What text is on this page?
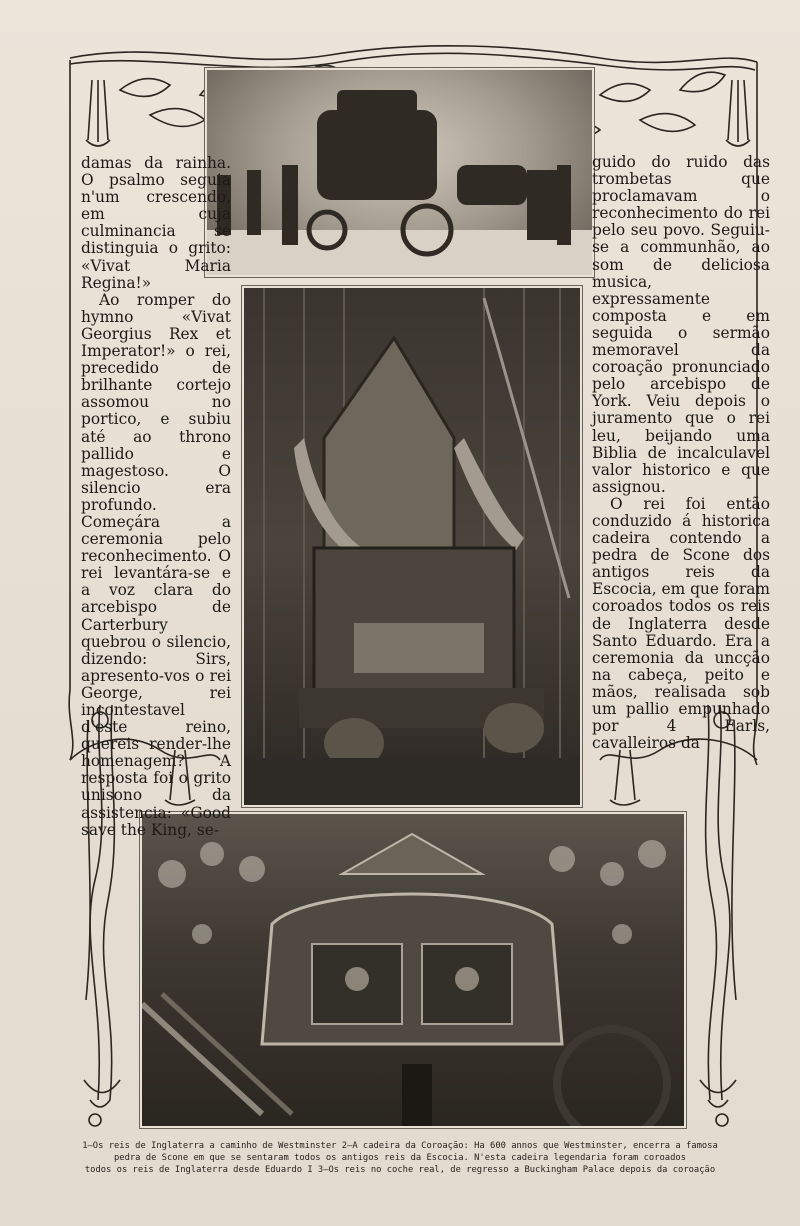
damas da rainha. O psalmo seguia n'um crescendo, em cuja culminancia se distinguia o grito: «Vivat Maria Regina!»

Ao romper do hymno «Vivat Georgius Rex et Imperator!» o rei, precedido de brilhante cortejo assomou no portico, e subiu até ao throno pallido e magestoso. O silencio era profundo. Começára a ceremonia pelo reconhecimento. O rei levantára-se e a voz clara do arcebispo de Carterbury quebrou o silencio, dizendo: Sirs, apresento-vos o rei George, rei incontestavel d'este reino, quereis render-lhe homenagem? A resposta foi o grito unisono da assistencia: «Good save the King, se-

guido do ruido das trombetas que proclamavam o reconhecimento do rei pelo seu povo. Seguiu-se a communhão, ao som de deliciosa musica, expressamente composta e em seguida o sermão memoravel da coroação pronunciado pelo arcebispo de York. Veiu depois o juramento que o rei leu, beijando uma Biblia de incalculavel valor historico e que assignou.

O rei foi então conduzido á historica cadeira contendo a pedra de Scone dos antigos reis da Escocia, em que foram coroados todos os reis de Inglaterra desde Santo Eduardo. Era a ceremonia da uncção na cabeça, peito e mãos, realisada sob um pallio empunhado por 4 Earls, cavalleiros da

1—Os reis de Inglaterra a caminho de Westminster 2—A cadeira da Coroação: Ha 600 annos que Westminster, encerra a famosa
pedra de Scone em que se sentaram todos os antigos reis da Escocia. N'esta cadeira legendaria foram coroados
todos os reis de Inglaterra desde Eduardo I 3—Os reis no coche real, de regresso a Buckingham Palace depois da coroação
